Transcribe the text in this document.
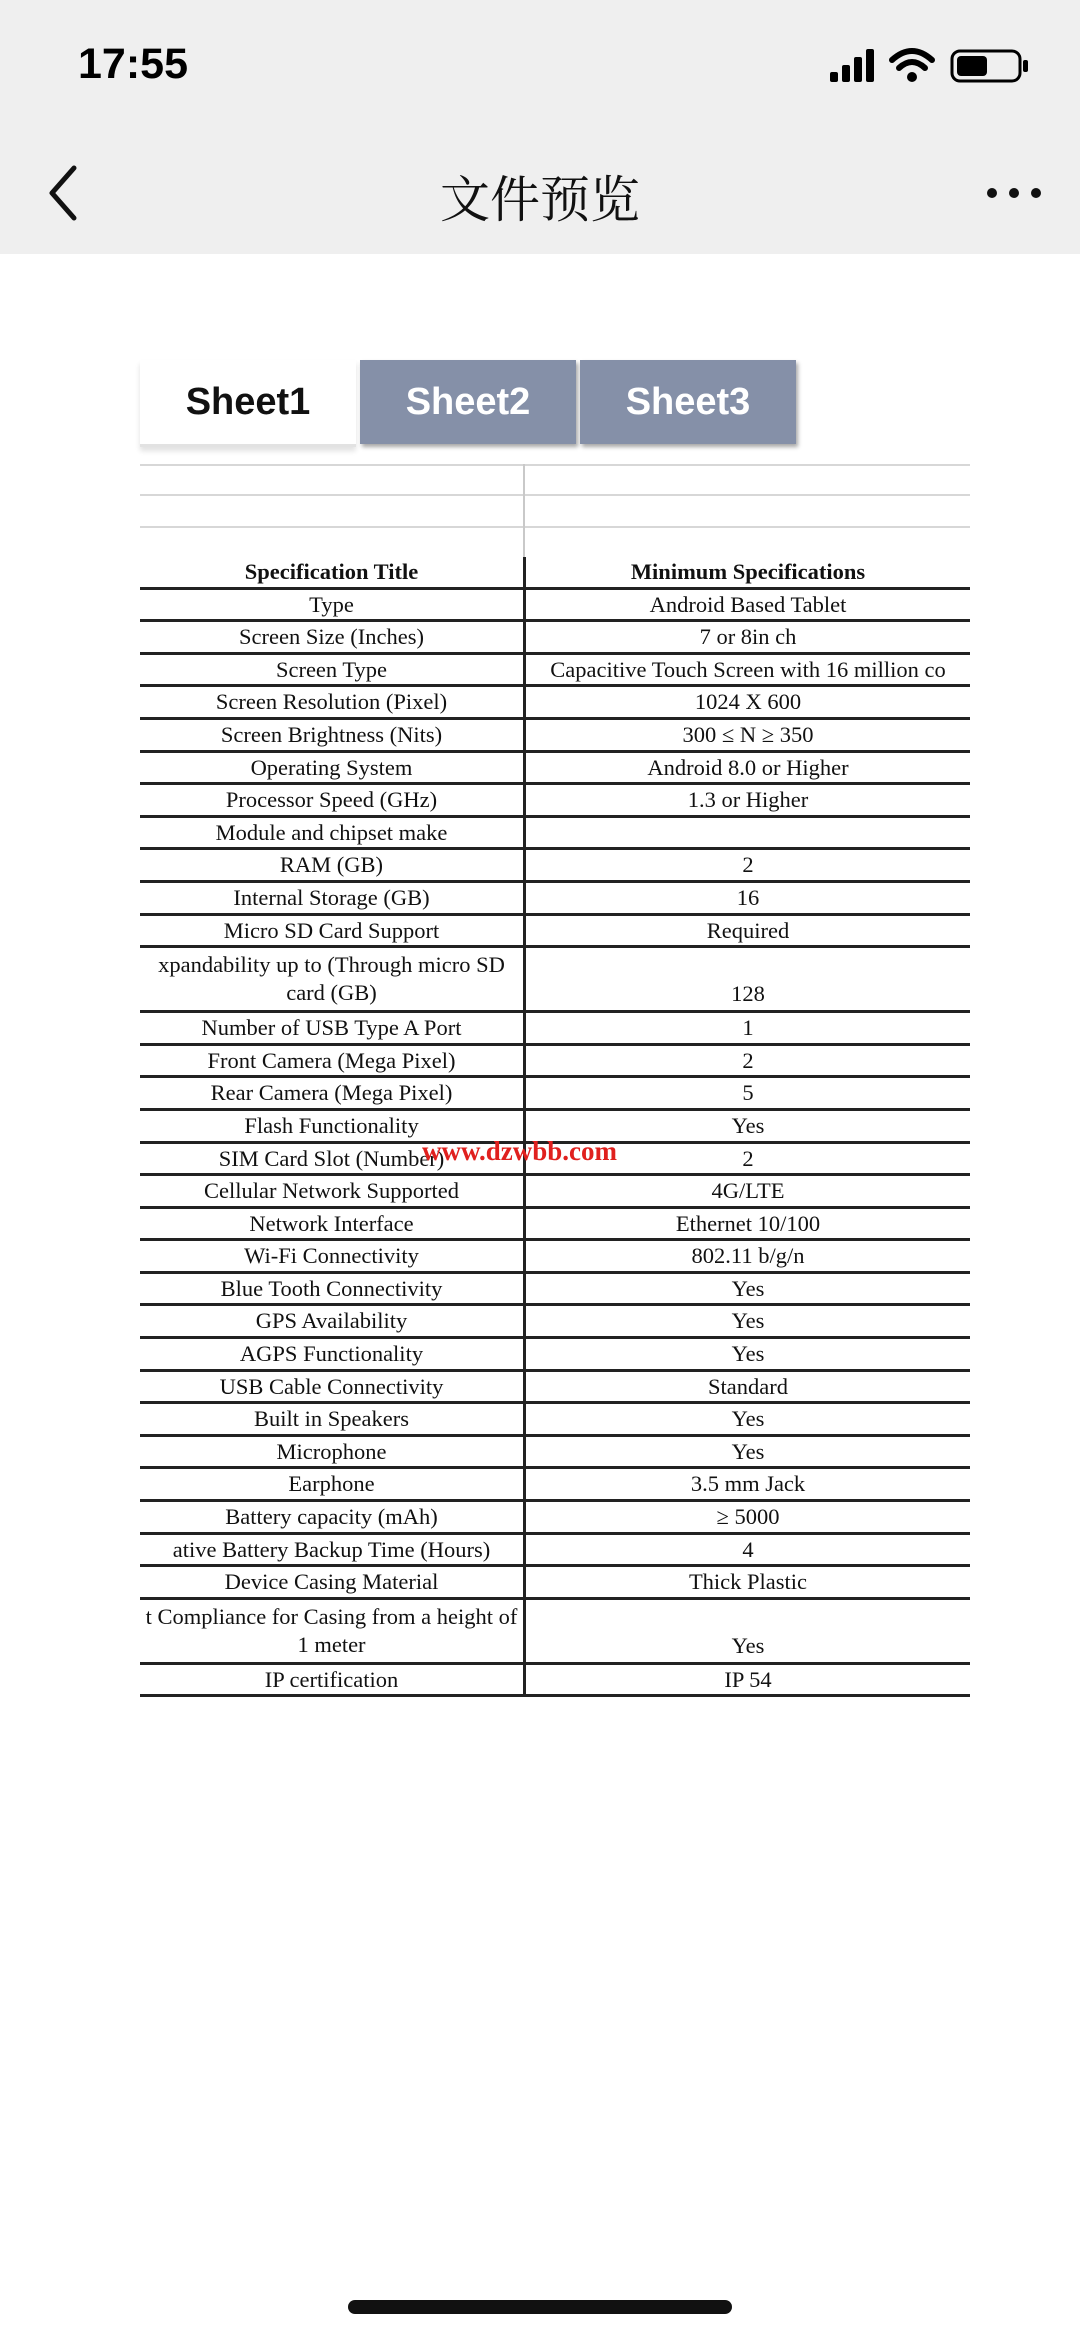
17:55
文件预览
Sheet1	Sheet2	Sheet3
Specification Title	Minimum Specifications
Type	Android Based Tablet
Screen Size (Inches)	7 or 8in ch
Screen Type	Capacitive Touch Screen with 16 million co
Screen Resolution (Pixel)	1024 X 600
Screen Brightness (Nits)	300 ≤ N ≥ 350
Operating System	Android 8.0 or Higher
Processor Speed (GHz)	1.3 or Higher
Module and chipset make	
RAM (GB)	2
Internal Storage (GB)	16
Micro SD Card Support	Required
xpandability up to (Through micro SD card (GB)	128
Number of USB Type A Port	1
Front Camera (Mega Pixel)	2
Rear Camera (Mega Pixel)	5
Flash Functionality	Yes
SIM Card Slot (Number)	2
Cellular Network Supported	4G/LTE
Network Interface	Ethernet 10/100
Wi-Fi Connectivity	802.11 b/g/n
Blue Tooth Connectivity	Yes
GPS Availability	Yes
AGPS Functionality	Yes
USB Cable Connectivity	Standard
Built in Speakers	Yes
Microphone	Yes
Earphone	3.5 mm Jack
Battery capacity (mAh)	≥ 5000
ative Battery Backup Time (Hours)	4
Device Casing Material	Thick Plastic
t Compliance for Casing from a height of 1 meter	Yes
IP certification	IP 54
www.dzwbb.com
